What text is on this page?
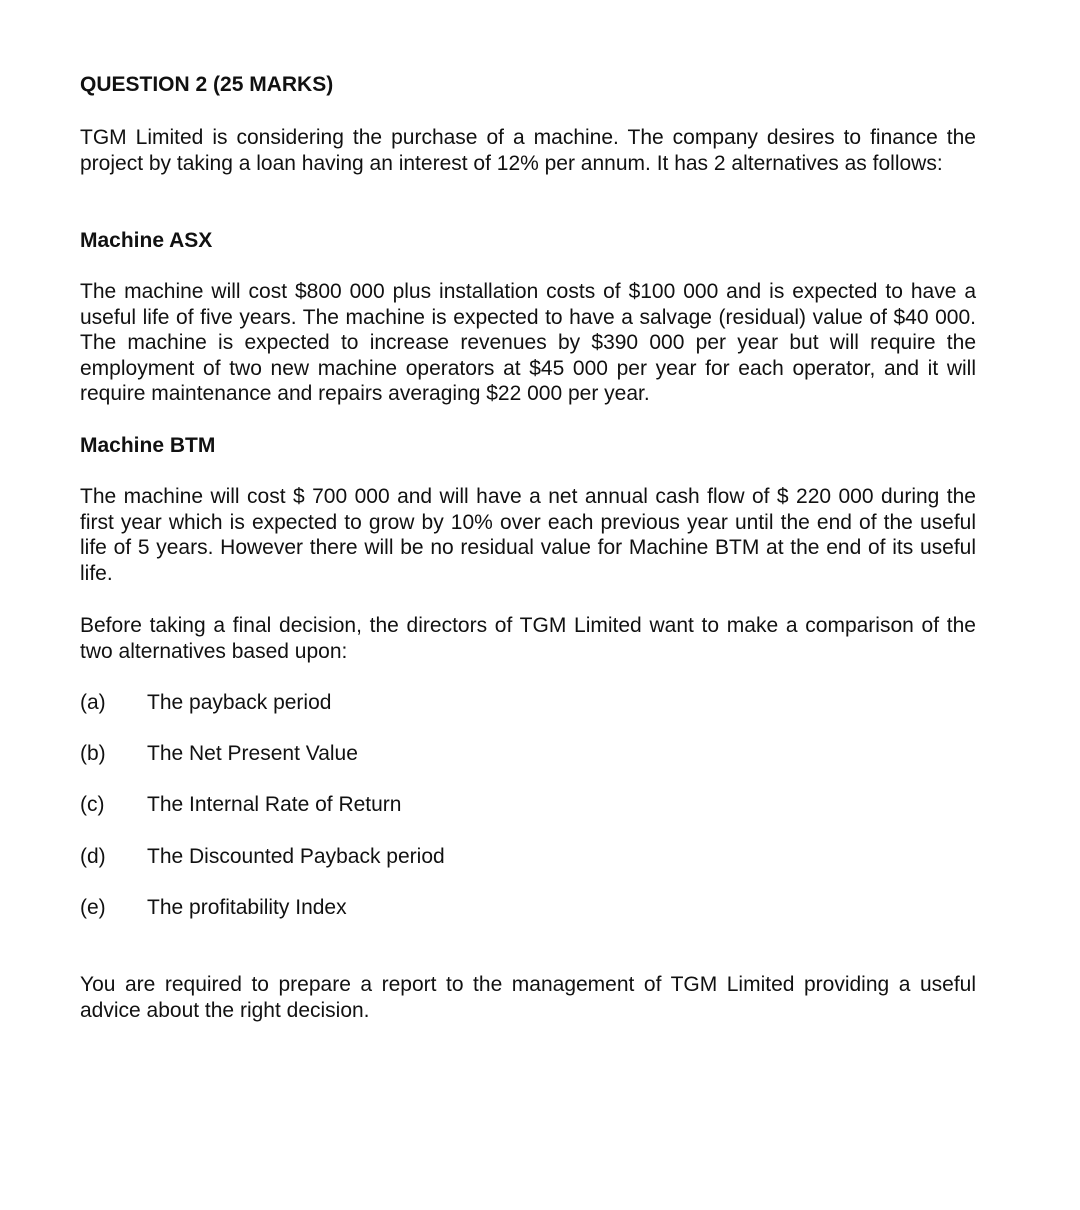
QUESTION 2 (25 MARKS)

TGM Limited is considering the purchase of a machine. The company desires to finance the project by taking a loan having an interest of 12% per annum. It has 2 alternatives as follows:

Machine ASX

The machine will cost $800 000 plus installation costs of $100 000 and is expected to have a useful life of five years. The machine is expected to have a salvage (residual) value of $40 000. The machine is expected to increase revenues by $390 000 per year but will require the employment of two new machine operators at $45 000 per year for each operator, and it will require maintenance and repairs averaging $22 000 per year.

Machine BTM

The machine will cost $ 700 000 and will have a net annual cash flow of $ 220 000 during the first year which is expected to grow by 10% over each previous year until the end of the useful life of 5 years. However there will be no residual value for Machine BTM at the end of its useful life.

Before taking a final decision, the directors of TGM Limited want to make a comparison of the two alternatives based upon:

(a) The payback period
(b) The Net Present Value
(c) The Internal Rate of Return
(d) The Discounted Payback period
(e) The profitability Index

You are required to prepare a report to the management of TGM Limited providing a useful advice about the right decision.
